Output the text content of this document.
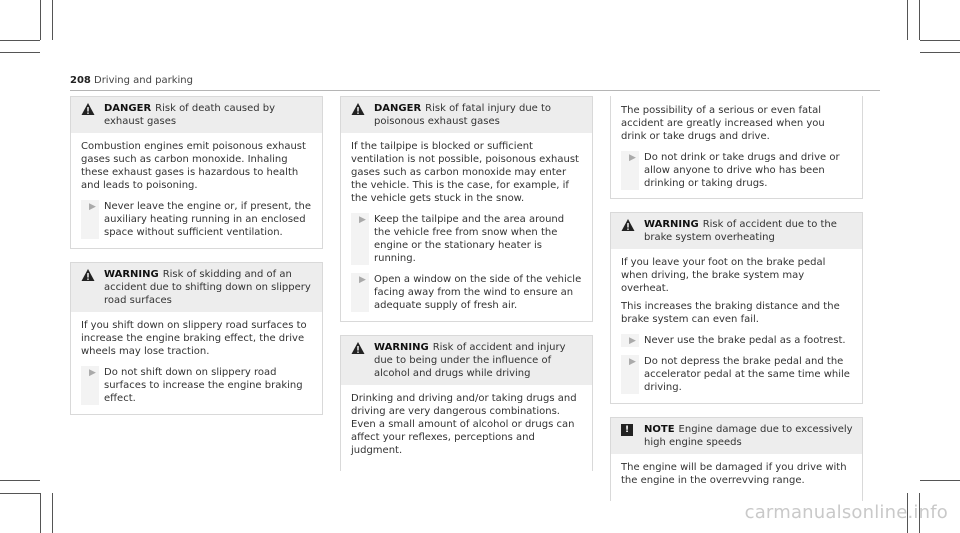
208 Driving and parking
DANGER Risk of death caused by exhaust gases

Combustion engines emit poisonous exhaust gases such as carbon monoxide. Inhaling these exhaust gases is hazardous to health and leads to poisoning.

▶ Never leave the engine or, if present, the auxiliary heating running in an enclosed space without sufficient ventilation.
WARNING Risk of skidding and of an accident due to shifting down on slippery road surfaces

If you shift down on slippery road surfaces to increase the engine braking effect, the drive wheels may lose traction.

▶ Do not shift down on slippery road surfaces to increase the engine braking effect.
DANGER Risk of fatal injury due to poisonous exhaust gases

If the tailpipe is blocked or sufficient ventilation is not possible, poisonous exhaust gases such as carbon monoxide may enter the vehicle. This is the case, for example, if the vehicle gets stuck in the snow.

▶ Keep the tailpipe and the area around the vehicle free from snow when the engine or the stationary heater is running.
▶ Open a window on the side of the vehicle facing away from the wind to ensure an adequate supply of fresh air.
WARNING Risk of accident and injury due to being under the influence of alcohol and drugs while driving

Drinking and driving and/or taking drugs and driving are very dangerous combinations. Even a small amount of alcohol or drugs can affect your reflexes, perceptions and judgment.

The possibility of a serious or even fatal accident are greatly increased when you drink or take drugs and drive.

▶ Do not drink or take drugs and drive or allow anyone to drive who has been drinking or taking drugs.
WARNING Risk of accident due to the brake system overheating

If you leave your foot on the brake pedal when driving, the brake system may overheat.

This increases the braking distance and the brake system can even fail.

▶ Never use the brake pedal as a footrest.
▶ Do not depress the brake pedal and the accelerator pedal at the same time while driving.
!	NOTE Engine damage due to excessively high engine speeds

The engine will be damaged if you drive with the engine in the overrevving range.

carmanualsonline.info
